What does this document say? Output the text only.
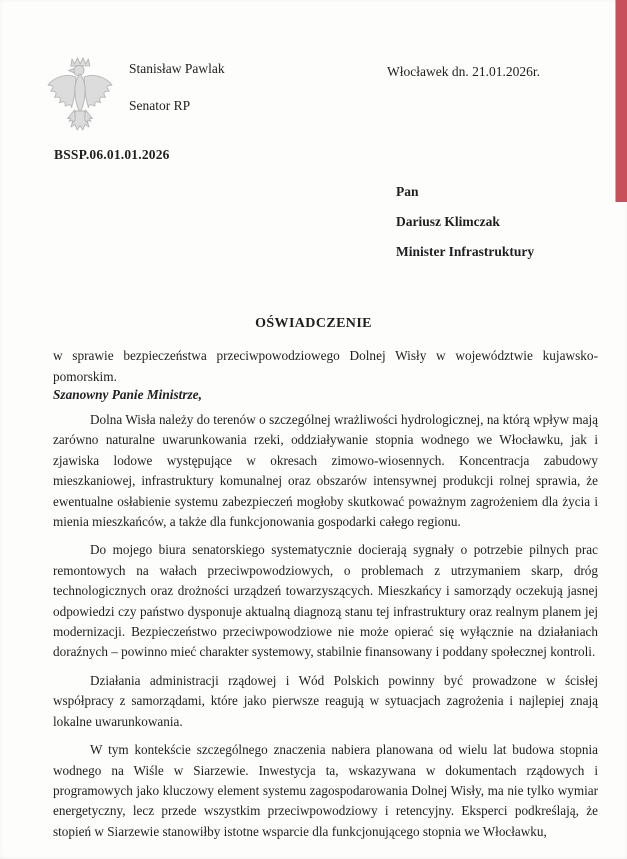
Stanisław Pawlak
Senator RP
Włocławek dn. 21.01.2026r.
BSSP.06.01.01.2026
Pan
Dariusz Klimczak
Minister Infrastruktury
OŚWIADCZENIE
w sprawie bezpieczeństwa przeciwpowodziowego Dolnej Wisły w województwie kujawsko-pomorskim.
Szanowny Panie Ministrze,

Dolna Wisła należy do terenów o szczególnej wrażliwości hydrologicznej, na którą wpływ mają zarówno naturalne uwarunkowania rzeki, oddziaływanie stopnia wodnego we Włocławku, jak i zjawiska lodowe występujące w okresach zimowo-wiosennych. Koncentracja zabudowy mieszkaniowej, infrastruktury komunalnej oraz obszarów intensywnej produkcji rolnej sprawia, że ewentualne osłabienie systemu zabezpieczeń mogłoby skutkować poważnym zagrożeniem dla życia i mienia mieszkańców, a także dla funkcjonowania gospodarki całego regionu.

Do mojego biura senatorskiego systematycznie docierają sygnały o potrzebie pilnych prac remontowych na wałach przeciwpowodziowych, o problemach z utrzymaniem skarp, dróg technologicznych oraz drożności urządzeń towarzyszących. Mieszkańcy i samorządy oczekują jasnej odpowiedzi czy państwo dysponuje aktualną diagnozą stanu tej infrastruktury oraz realnym planem jej modernizacji. Bezpieczeństwo przeciwpowodziowe nie może opierać się wyłącznie na działaniach doraźnych – powinno mieć charakter systemowy, stabilnie finansowany i poddany społecznej kontroli.

Działania administracji rządowej i Wód Polskich powinny być prowadzone w ścisłej współpracy z samorządami, które jako pierwsze reagują w sytuacjach zagrożenia i najlepiej znają lokalne uwarunkowania.

W tym kontekście szczególnego znaczenia nabiera planowana od wielu lat budowa stopnia wodnego na Wiśle w Siarzewie. Inwestycja ta, wskazywana w dokumentach rządowych i programowych jako kluczowy element systemu zagospodarowania Dolnej Wisły, ma nie tylko wymiar energetyczny, lecz przede wszystkim przeciwpowodziowy i retencyjny. Eksperci podkreślają, że stopień w Siarzewie stanowiłby istotne wsparcie dla funkcjonującego stopnia we Włocławku,
